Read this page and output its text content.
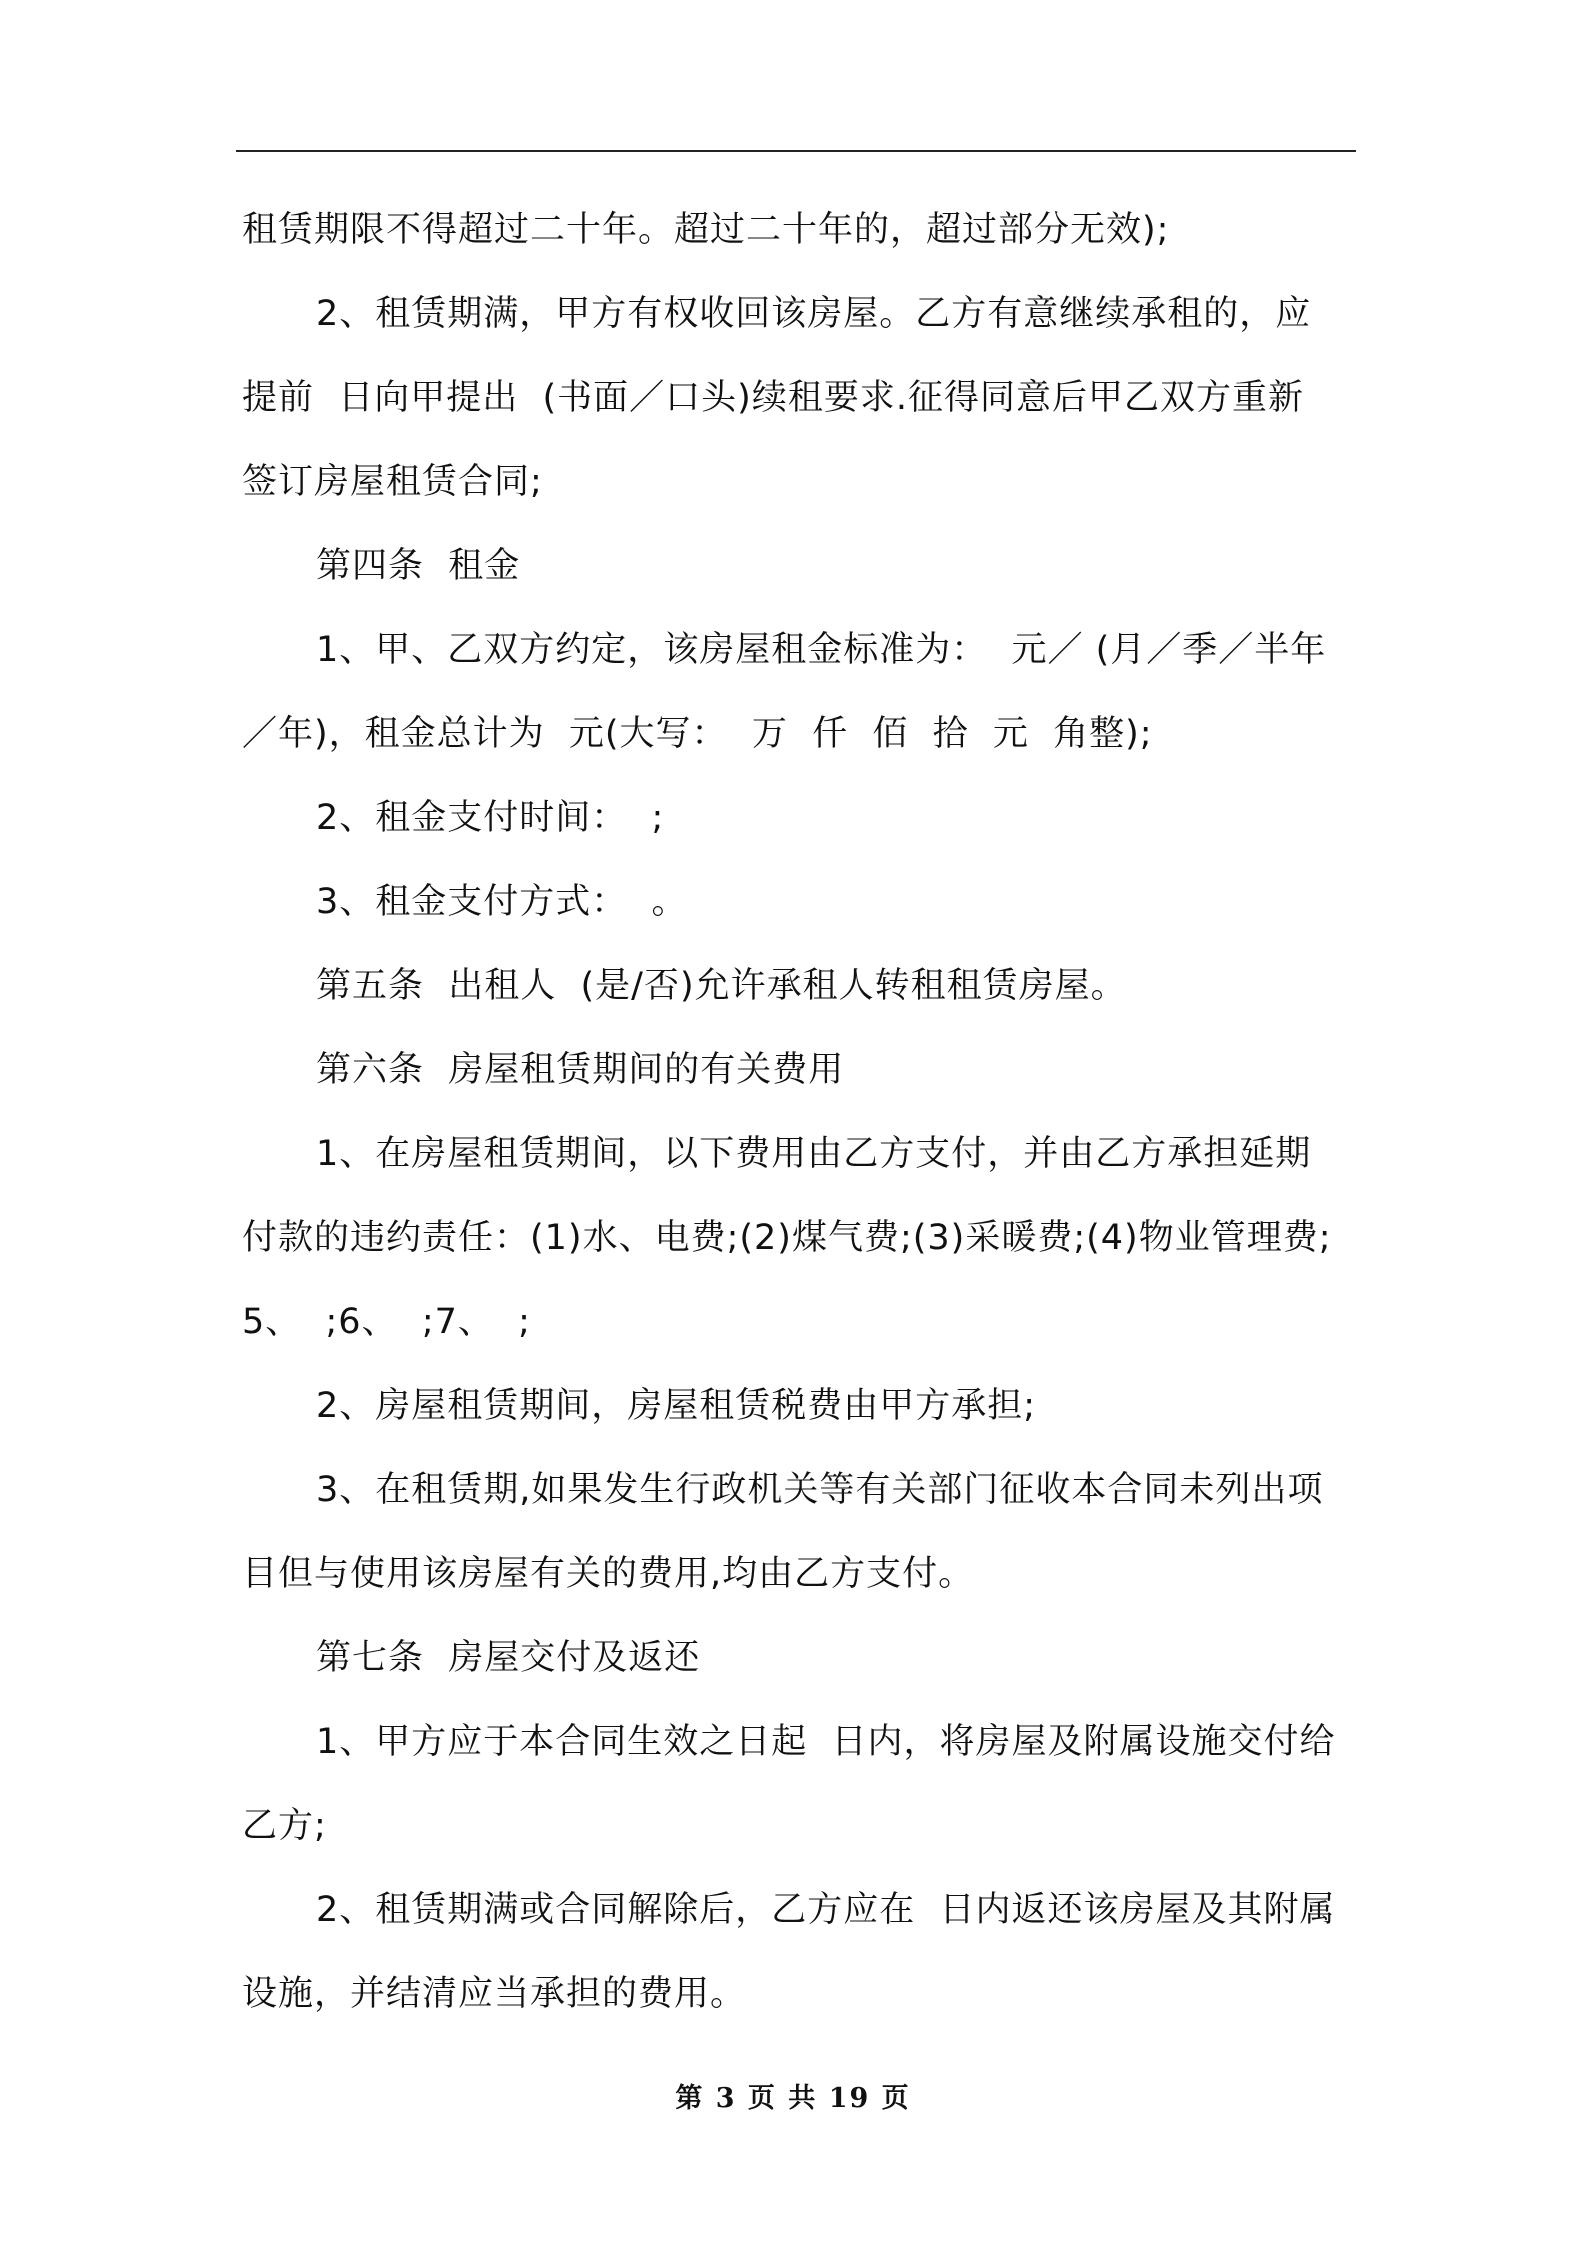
租赁期限不得超过二十年。超过二十年的，超过部分无效);
2、租赁期满，甲方有权收回该房屋。乙方有意继续承租的，应
提前  日向甲提出  (书面／口头)续租要求.征得同意后甲乙双方重新
签订房屋租赁合同;
第四条  租金
1、甲、乙双方约定，该房屋租金标准为：  元／ (月／季／半年
／年)，租金总计为  元(大写：  万  仟  佰  拾  元  角整);
2、租金支付时间：  ;
3、租金支付方式：  。
第五条  出租人  (是/否)允许承租人转租租赁房屋。
第六条  房屋租赁期间的有关费用
1、在房屋租赁期间，以下费用由乙方支付，并由乙方承担延期
付款的违约责任：(1)水、电费;(2)煤气费;(3)采暖费;(4)物业管理费;
5、  ;6、  ;7、  ;
2、房屋租赁期间，房屋租赁税费由甲方承担;
3、在租赁期,如果发生行政机关等有关部门征收本合同未列出项
目但与使用该房屋有关的费用,均由乙方支付。
第七条  房屋交付及返还
1、甲方应于本合同生效之日起  日内，将房屋及附属设施交付给
乙方;
2、租赁期满或合同解除后，乙方应在  日内返还该房屋及其附属
设施，并结清应当承担的费用。
第 3 页 共 19 页
